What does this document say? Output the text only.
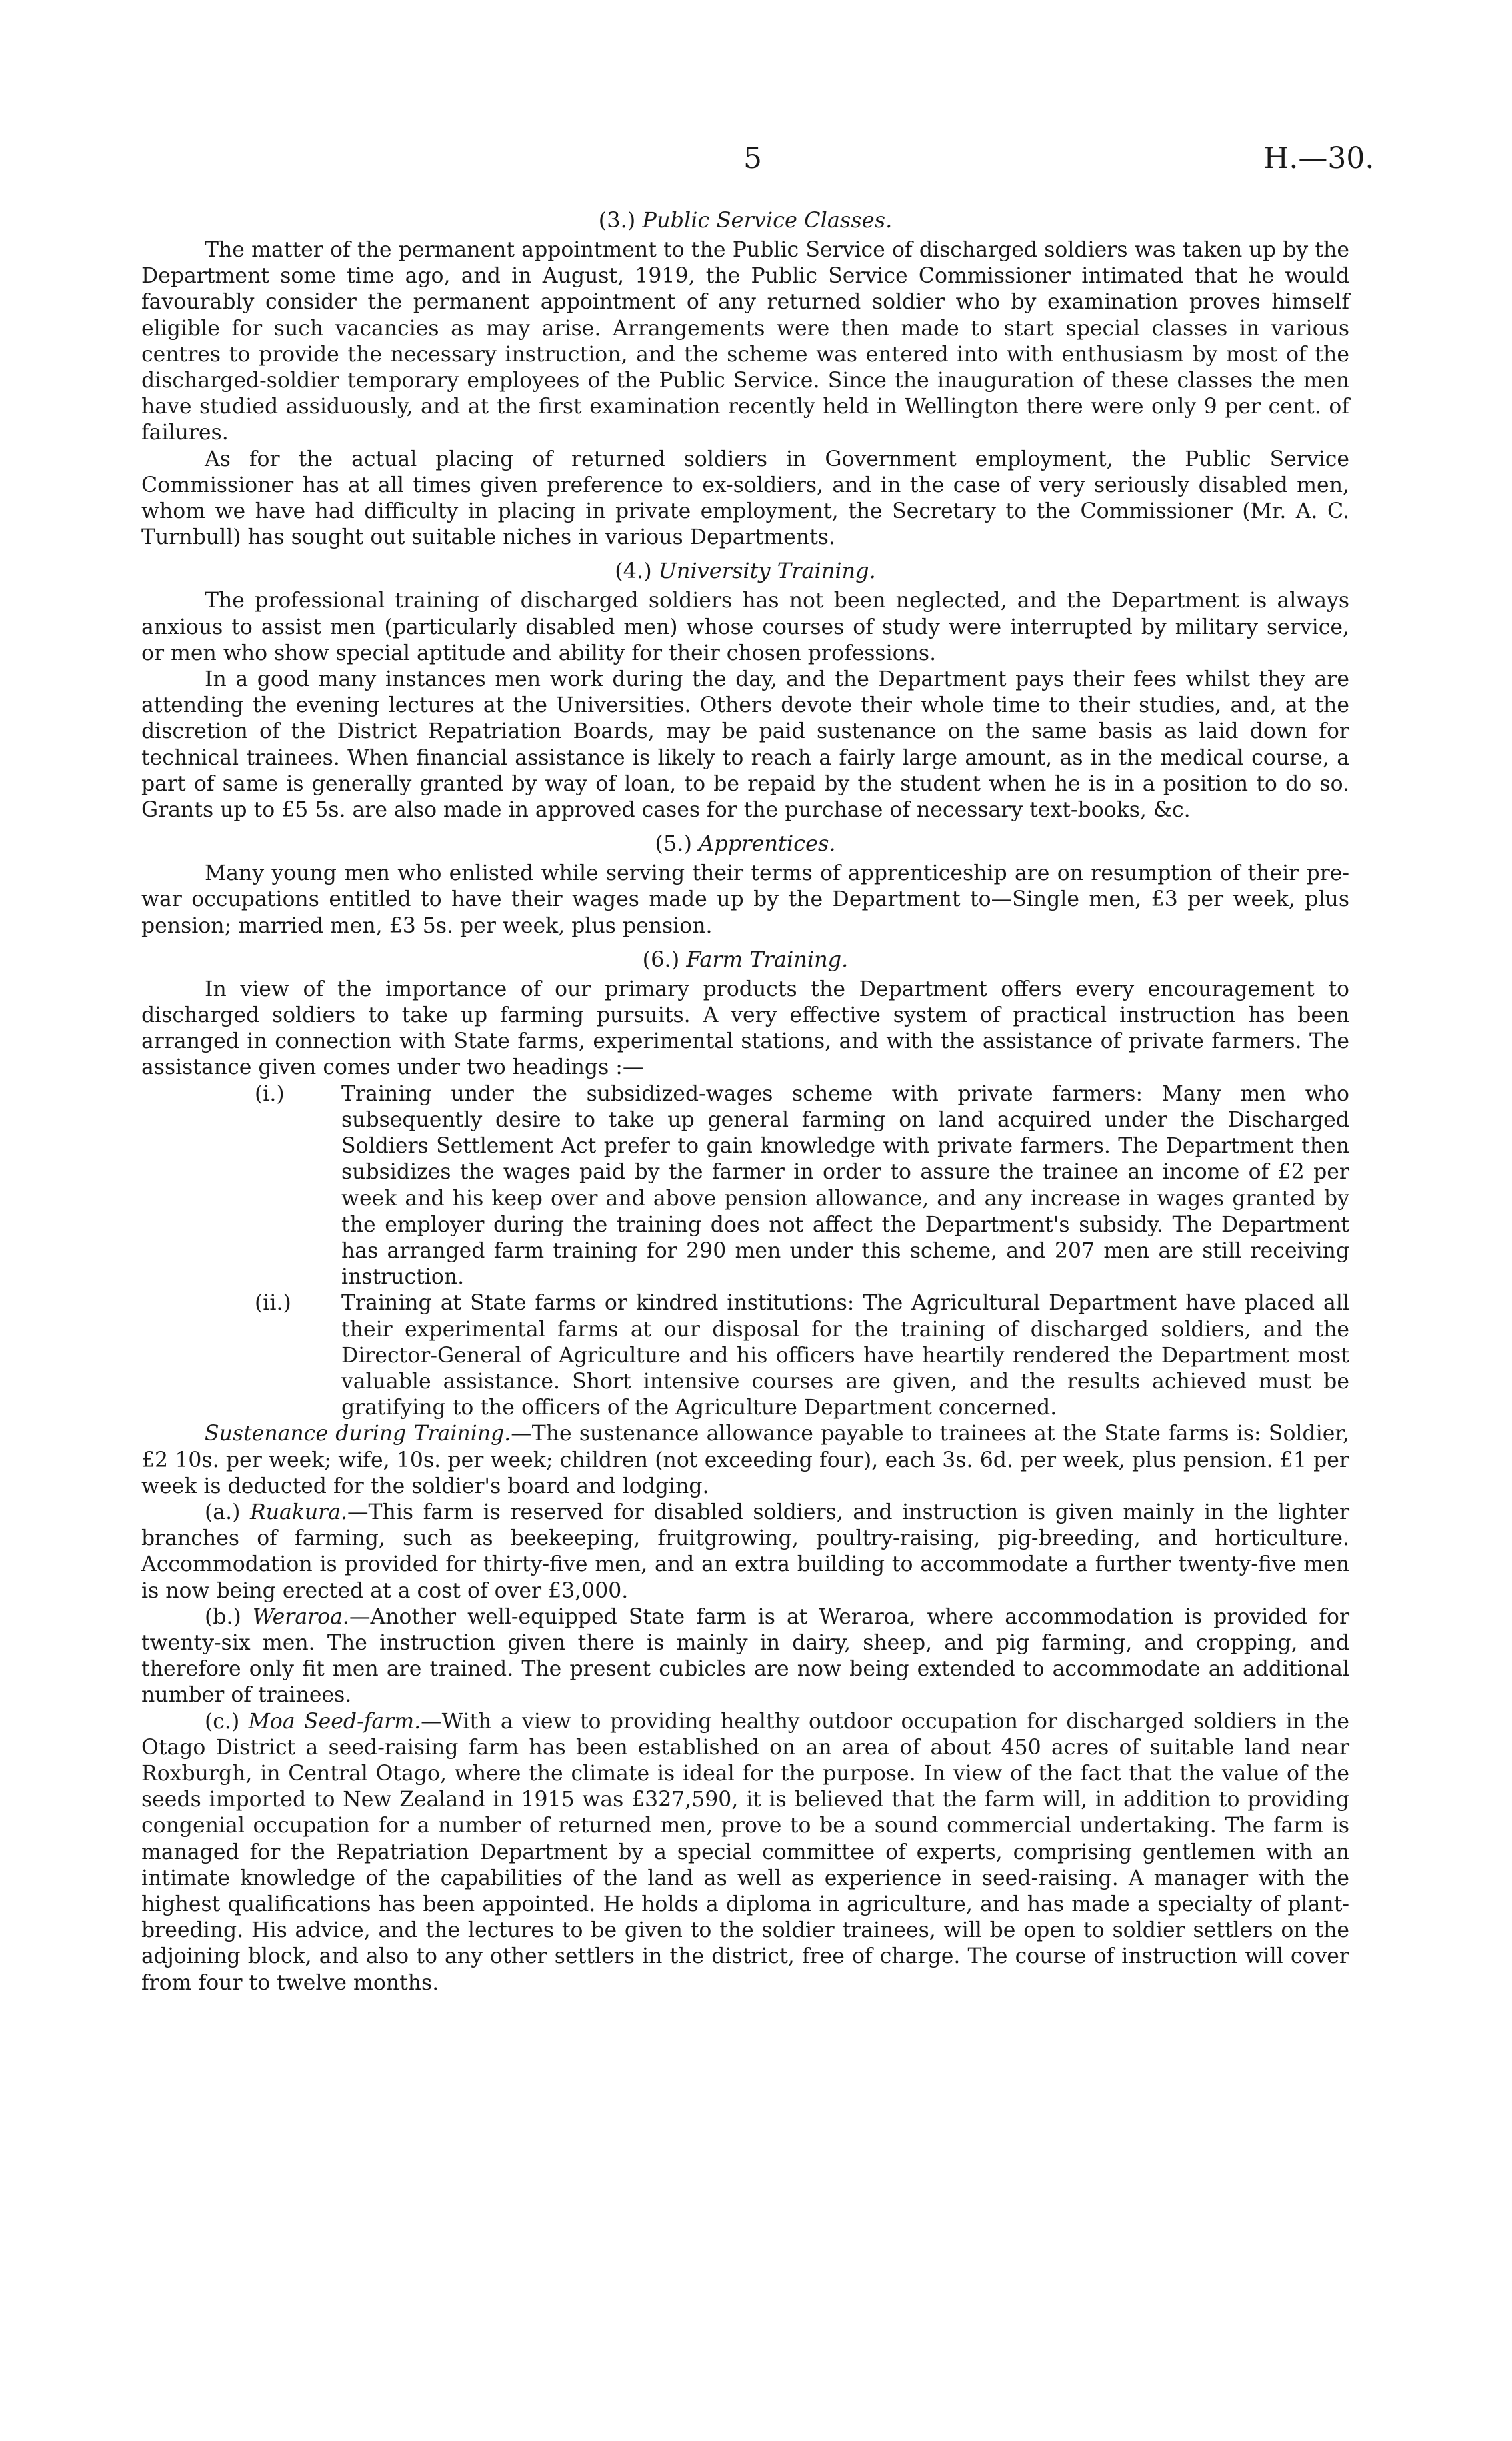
5	H.—30.
(3.) Public Service Classes.

The matter of the permanent appointment to the Public Service of discharged soldiers was taken up by the Department some time ago, and in August, 1919, the Public Service Commissioner intimated that he would favourably consider the permanent appointment of any returned soldier who by examination proves himself eligible for such vacancies as may arise. Arrangements were then made to start special classes in various centres to provide the necessary instruction, and the scheme was entered into with enthusiasm by most of the discharged-soldier temporary employees of the Public Service. Since the inauguration of these classes the men have studied assiduously, and at the first examination recently held in Wellington there were only 9 per cent. of failures.

As for the actual placing of returned soldiers in Government employment, the Public Service Commissioner has at all times given preference to ex-soldiers, and in the case of very seriously disabled men, whom we have had difficulty in placing in private employment, the Secretary to the Commissioner (Mr. A. C. Turnbull) has sought out suitable niches in various Departments.

(4.) University Training.

The professional training of discharged soldiers has not been neglected, and the Department is always anxious to assist men (particularly disabled men) whose courses of study were interrupted by military service, or men who show special aptitude and ability for their chosen professions.

In a good many instances men work during the day, and the Department pays their fees whilst they are attending the evening lectures at the Universities. Others devote their whole time to their studies, and, at the discretion of the District Repatriation Boards, may be paid sustenance on the same basis as laid down for technical trainees. When financial assistance is likely to reach a fairly large amount, as in the medical course, a part of same is generally granted by way of loan, to be repaid by the student when he is in a position to do so. Grants up to £5 5s. are also made in approved cases for the purchase of necessary text-books, &c.

(5.) Apprentices.

Many young men who enlisted while serving their terms of apprenticeship are on resumption of their pre-war occupations entitled to have their wages made up by the Department to—Single men, £3 per week, plus pension; married men, £3 5s. per week, plus pension.

(6.) Farm Training.

In view of the importance of our primary products the Department offers every encouragement to discharged soldiers to take up farming pursuits. A very effective system of practical instruction has been arranged in connection with State farms, experimental stations, and with the assistance of private farmers. The assistance given comes under two headings :—

(i.)	Training under the subsidized-wages scheme with private farmers: Many men who subsequently desire to take up general farming on land acquired under the Discharged Soldiers Settlement Act prefer to gain knowledge with private farmers. The Department then subsidizes the wages paid by the farmer in order to assure the trainee an income of £2 per week and his keep over and above pension allowance, and any increase in wages granted by the employer during the training does not affect the Department's subsidy. The Department has arranged farm training for 290 men under this scheme, and 207 men are still receiving instruction.
(ii.) Training at State farms or kindred institutions: The Agricultural Department have placed all their experimental farms at our disposal for the training of discharged soldiers, and the Director-General of Agriculture and his officers have heartily rendered the Department most valuable assistance. Short intensive courses are given, and the results achieved must be gratifying to the officers of the Agriculture Department concerned.

Sustenance during Training.—The sustenance allowance payable to trainees at the State farms is: Soldier, £2 10s. per week; wife, 10s. per week; children (not exceeding four), each 3s. 6d. per week, plus pension. £1 per week is deducted for the soldier's board and lodging.

(a.) Ruakura.—This farm is reserved for disabled soldiers, and instruction is given mainly in the lighter branches of farming, such as beekeeping, fruitgrowing, poultry-raising, pig-breeding, and horticulture. Accommodation is provided for thirty-five men, and an extra building to accommodate a further twenty-five men is now being erected at a cost of over £3,000.

(b.) Weraroa.—Another well-equipped State farm is at Weraroa, where accommodation is provided for twenty-six men. The instruction given there is mainly in dairy, sheep, and pig farming, and cropping, and therefore only fit men are trained. The present cubicles are now being extended to accommodate an additional number of trainees.

(c.) Moa Seed-farm.—With a view to providing healthy outdoor occupation for discharged soldiers in the Otago District a seed-raising farm has been established on an area of about 450 acres of suitable land near Roxburgh, in Central Otago, where the climate is ideal for the purpose. In view of the fact that the value of the seeds imported to New Zealand in 1915 was £327,590, it is believed that the farm will, in addition to providing congenial occupation for a number of returned men, prove to be a sound commercial undertaking. The farm is managed for the Repatriation Department by a special committee of experts, comprising gentlemen with an intimate knowledge of the capabilities of the land as well as experience in seed-raising. A manager with the highest qualifications has been appointed. He holds a diploma in agriculture, and has made a specialty of plant-breeding. His advice, and the lectures to be given to the soldier trainees, will be open to soldier settlers on the adjoining block, and also to any other settlers in the district, free of charge. The course of instruction will cover from four to twelve months.
